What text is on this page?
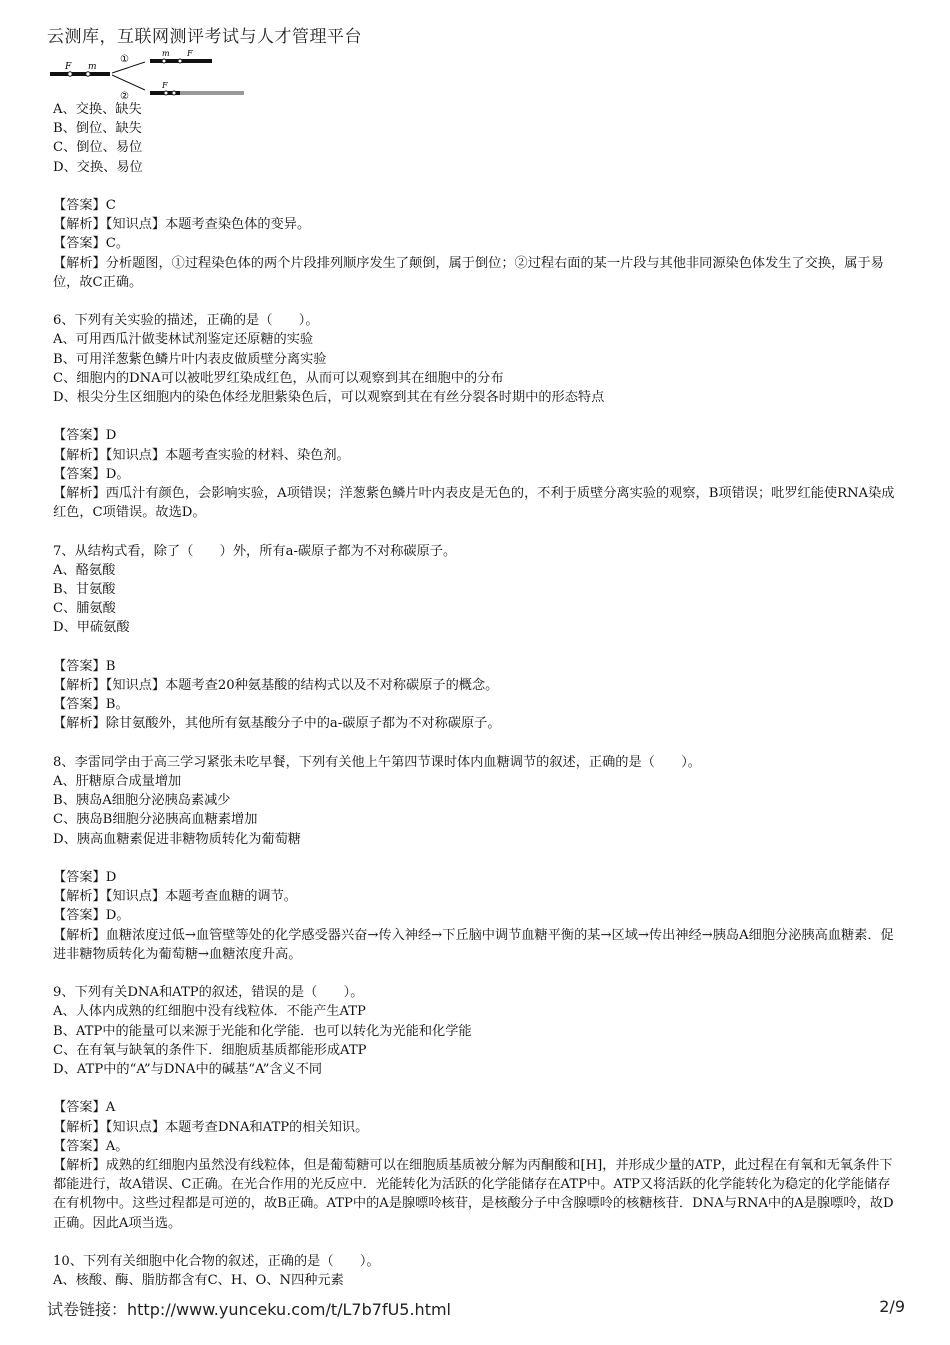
云测库，互联网测评考试与人才管理平台
F m
①
②
m F
F
A、交换、缺失
B、倒位、缺失
C、倒位、易位
D、交换、易位
【答案】C
【解析】【知识点】本题考查染色体的变异。
【答案】C。
【解析】分析题图，①过程染色体的两个片段排列顺序发生了颠倒，属于倒位；②过程右面的某一片段与其他非同源染色体发生了交换，属于易位，故C正确。
6、下列有关实验的描述，正确的是（　　）。
A、可用西瓜汁做斐林试剂鉴定还原糖的实验
B、可用洋葱紫色鳞片叶内表皮做质壁分离实验
C、细胞内的DNA可以被吡罗红染成红色，从而可以观察到其在细胞中的分布
D、根尖分生区细胞内的染色体经龙胆紫染色后，可以观察到其在有丝分裂各时期中的形态特点
【答案】D
【解析】【知识点】本题考查实验的材料、染色剂。
【答案】D。
【解析】西瓜汁有颜色，会影响实验，A项错误；洋葱紫色鳞片叶内表皮是无色的，不利于质壁分离实验的观察，B项错误；吡罗红能使RNA染成红色，C项错误。故选D。
7、从结构式看，除了（　　）外，所有a-碳原子都为不对称碳原子。
A、酪氨酸
B、甘氨酸
C、脯氨酸
D、甲硫氨酸
【答案】B
【解析】【知识点】本题考查20种氨基酸的结构式以及不对称碳原子的概念。
【答案】B。
【解析】除甘氨酸外，其他所有氨基酸分子中的a-碳原子都为不对称碳原子。
8、李雷同学由于高三学习紧张未吃早餐，下列有关他上午第四节课时体内血糖调节的叙述，正确的是（　　）。
A、肝糖原合成量增加
B、胰岛A细胞分泌胰岛素减少
C、胰岛B细胞分泌胰高血糖素增加
D、胰高血糖素促进非糖物质转化为葡萄糖
【答案】D
【解析】【知识点】本题考查血糖的调节。
【答案】D。
【解析】血糖浓度过低→血管壁等处的化学感受器兴奋→传入神经→下丘脑中调节血糖平衡的某→区域→传出神经→胰岛A细胞分泌胰高血糖素．促进非糖物质转化为葡萄糖→血糖浓度升高。
9、下列有关DNA和ATP的叙述，错误的是（　　）。
A、人体内成熟的红细胞中没有线粒体．不能产生ATP
B、ATP中的能量可以来源于光能和化学能．也可以转化为光能和化学能
C、在有氧与缺氧的条件下．细胞质基质都能形成ATP
D、ATP中的“A”与DNA中的碱基“A”含义不同
【答案】A
【解析】【知识点】本题考查DNA和ATP的相关知识。
【答案】A。
【解析】成熟的红细胞内虽然没有线粒体，但是葡萄糖可以在细胞质基质被分解为丙酮酸和[H]，并形成少量的ATP，此过程在有氧和无氧条件下都能进行，故A错误、C正确。在光合作用的光反应中．光能转化为活跃的化学能储存在ATP中。ATP又将活跃的化学能转化为稳定的化学能储存在有机物中。这些过程都是可逆的，故B正确。ATP中的A是腺嘌呤核苷，是核酸分子中含腺嘌呤的核糖核苷．DNA与RNA中的A是腺嘌呤，故D正确。因此A项当选。
10、下列有关细胞中化合物的叙述，正确的是（　　）。
A、核酸、酶、脂肪都含有C、H、O、N四种元素
试卷链接：http://www.yunceku.com/t/L7b7fU5.html	2/9
